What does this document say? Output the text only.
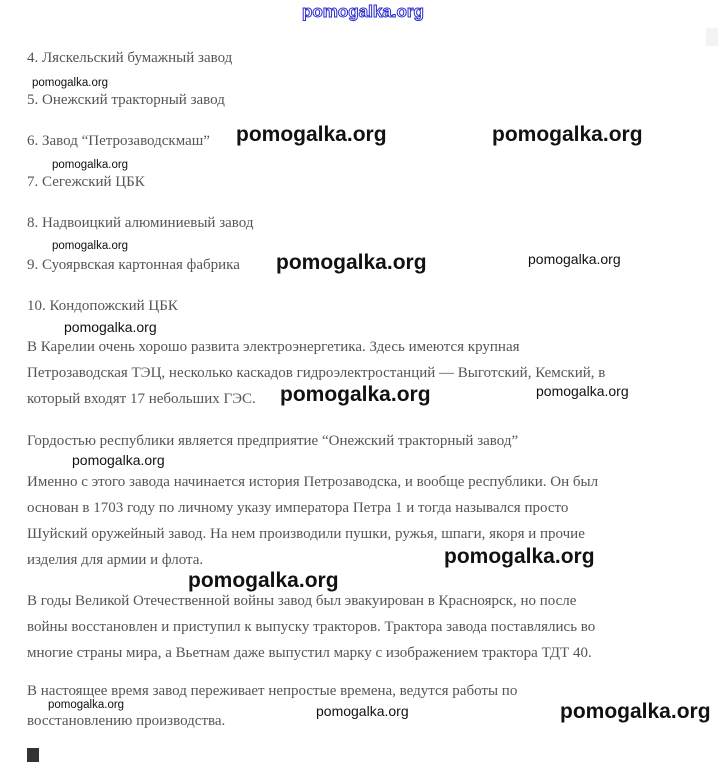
4. Ляскельский бумажный завод
5. Онежский тракторный завод
6. Завод “Петрозаводскмаш”
7. Сегежский ЦБК
8. Надвоицкий алюминиевый завод
9. Суоярвская картонная фабрика
10. Кондопожский ЦБК
В Карелии очень хорошо развита электроэнергетика. Здесь имеются крупная
Петрозаводская ТЭЦ, несколько каскадов гидроэлектростанций — Выготский, Кемский, в
который входят 17 небольших ГЭС.
Гордостью республики является предприятие “Онежский тракторный завод”
Именно с этого завода начинается история Петрозаводска, и вообще республики. Он был
основан в 1703 году по личному указу императора Петра 1 и тогда назывался просто
Шуйский оружейный завод. На нем производили пушки, ружья, шпаги, якоря и прочие
изделия для армии и флота.
В годы Великой Отечественной войны завод был эвакуирован в Красноярск, но после
войны восстановлен и приступил к выпуску тракторов. Трактора завода поставлялись во
многие страны мира, а Вьетнам даже выпустил марку с изображением трактора ТДТ 40.
В настоящее время завод переживает непростые времена, ведутся работы по
восстановлению производства.
pomogalka.org
pomogalka.org
pomogalka.org
pomogalka.org
pomogalka.org
pomogalka.org
pomogalka.org
pomogalka.org
pomogalka.org	pomogalka.org
pomogalka.org	pomogalka.org
pomogalka.org
pomogalka.org
pomogalka.org
pomogalka.org
pomogalka.org
